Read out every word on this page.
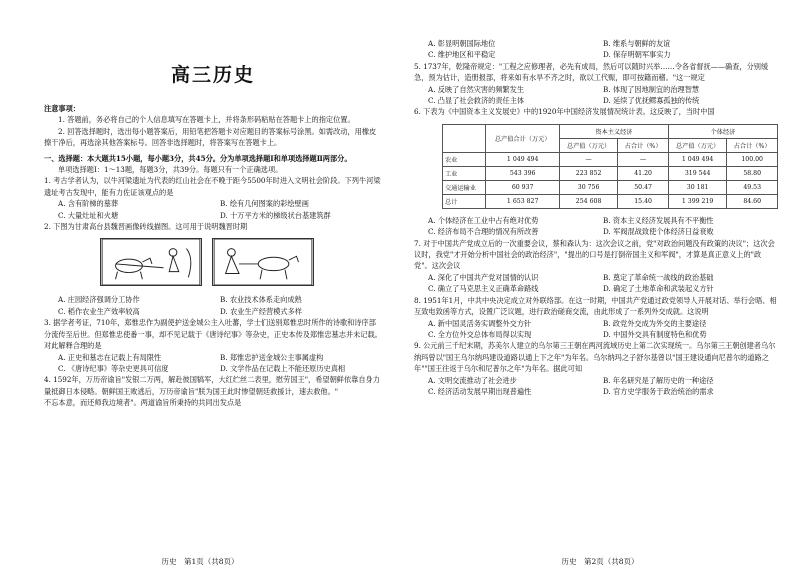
高三历史

注意事项：

1. 答题前，务必将自己的个人信息填写在答题卡上，并将条形码粘贴在答题卡上的指定位置。

2. 回答选择题时，选出每小题答案后，用铅笔把答题卡对应题目的答案标号涂黑。如需改动，用橡皮擦干净后，再选涂其他答案标号。回答非选择题时，将答案写在答题卡上。

一、选择题：本大题共15小题，每小题3分，共45分。分为单项选择题Ⅰ和单项选择题Ⅱ两部分。

单项选择题Ⅰ：1～13题，每题3分，共39分。每题只有一个正确选项。

1. 考古学者认为，以牛河梁遗址为代表的红山社会在不晚于距今5500年时进入文明社会阶段。下列牛河梁遗址考古发现中，能有力佐证该观点的是

A. 含有阶梯的墓葬	B. 绘有几何图案的彩绘壁画
C. 大量灶址和火塘	D. 十万平方米的梯级状台基建筑群

2. 下图为甘肃高台县魏晋画像砖线描图。这可用于说明魏晋时期

A. 庄园经济强调分工协作	B. 农业技术体系走向成熟
C. 稻作农业生产效率较高	D. 农业生产经营模式多样

3. 据学者考证，710年，郑惟忠作为副使护送金城公主入吐蕃，学士们送别郑惟忠时所作的诗歌和诗序部分流传至后世。但郑惟忠使番一事，却不见记载于《唐诗纪事》等杂史，正史本传及郑惟忠墓志并未记载。对此解释合理的是

A. 正史和墓志在记载上有局限性	B. 郑惟忠护送金城公主事属虚构
C. 《唐诗纪事》等杂史更具可信度	D. 文学作品在记载上不能还原历史真相

4. 1592年，万历帝谕旨"发银二万两，解赴彼国犒军，大红纻丝二表里，慰劳国王"，希望朝鲜依靠自身力量抵御日本侵略。朝鲜国王败逃后，万历帝谕旨"朕为国王此时惨望朝廷救援计，速去救他。"

不忘本意，而还师我边境者"。两道谕旨所秉持的共同出发点是

历史　第1页（共8页）
A. 彰显明朝国际地位	B. 维系与朝鲜的友谊
C. 维护地区和平稳定	D. 保存明朝军事实力

5. 1737年，乾隆帝规定："工程之应修理者，必先有成局，然后可以随时兴举……令各省督抚——确查，分别缓急，预为估计，造册报部，将来如有水旱不齐之时，欲以工代赈，即可按籍而稽。"这一规定

A. 反映了自然灾害的频繁发生	B. 体现了因地制宜的治理智慧
C. 凸显了社会救济的责任主体	D. 延续了优抚鳏寡孤独的传统

6. 下表为《中国资本主义发展史》中的1920年中国经济发展情况统计表。这反映了，当时中国

	总产值合计（万元）	资本主义经济		个体经济	
		总产值（万元）	占合计（%）	总产值（万元）	占合计（%）
农业	1 049 494	—	—	1 049 494	100.00
工业	543 396	223 852	41.20	319 544	58.80
交通运输业	60 937	30 756	50.47	30 181	49.53
总计	1 653 827	254 608	15.40	1 399 219	84.60
A. 个体经济在工业中占有绝对优势	B. 资本主义经济发展具有不平衡性
C. 经济布局不合理的情况有所改善	D. 军阀混战致使个体经济日益衰败

7. 对于中国共产党成立后的一次重要会议，蔡和森认为：这次会议之前，党"对政治问题没有政策的决议"；这次会议时，我党"才开始分析中国社会的政治经济"，"提出的口号是打倒帝国主义和军阀"，才算是真正意义上的"政党"。这次会议

A. 深化了中国共产党对国情的认识	B. 奠定了革命统一战线的政治基础
C. 确立了马克思主义正确革命路线	D. 确定了土地革命和武装起义方针

8. 1951年1月，中共中央决定成立对外联络部。在这一时期，中国共产党通过政党领导人开展对话、举行会晤、相互致电致函等方式，设置广泛议题，进行政治磋商交流，由此形成了一系列外交成就。这说明

A. 新中国灵活务实调整外交方针	B. 政党外交成为外交的主要途径
C. 全方位外交总体布局得以实现	D. 中国外交具有制度特色和优势

9. 公元前三千纪末期，苏美尔人建立的乌尔第三王朝在两河流域历史上第二次实现统一。乌尔第三王朝创建者乌尔纳玛曾以"国王乌尔纳玛建设道路以通上下之年"为年名。乌尔纳玛之子舒尔基曾以"国王建设通向尼普尔的道路之年""国王往返于乌尔和尼普尔之年"为年名。据此可知

A. 文明交流推动了社会进步	B. 年名研究是了解历史的一种途径
C. 经济活动发展早期出现普遍性	D. 官方史学服务于政治统治的需求
历史　第2页（共8页）
